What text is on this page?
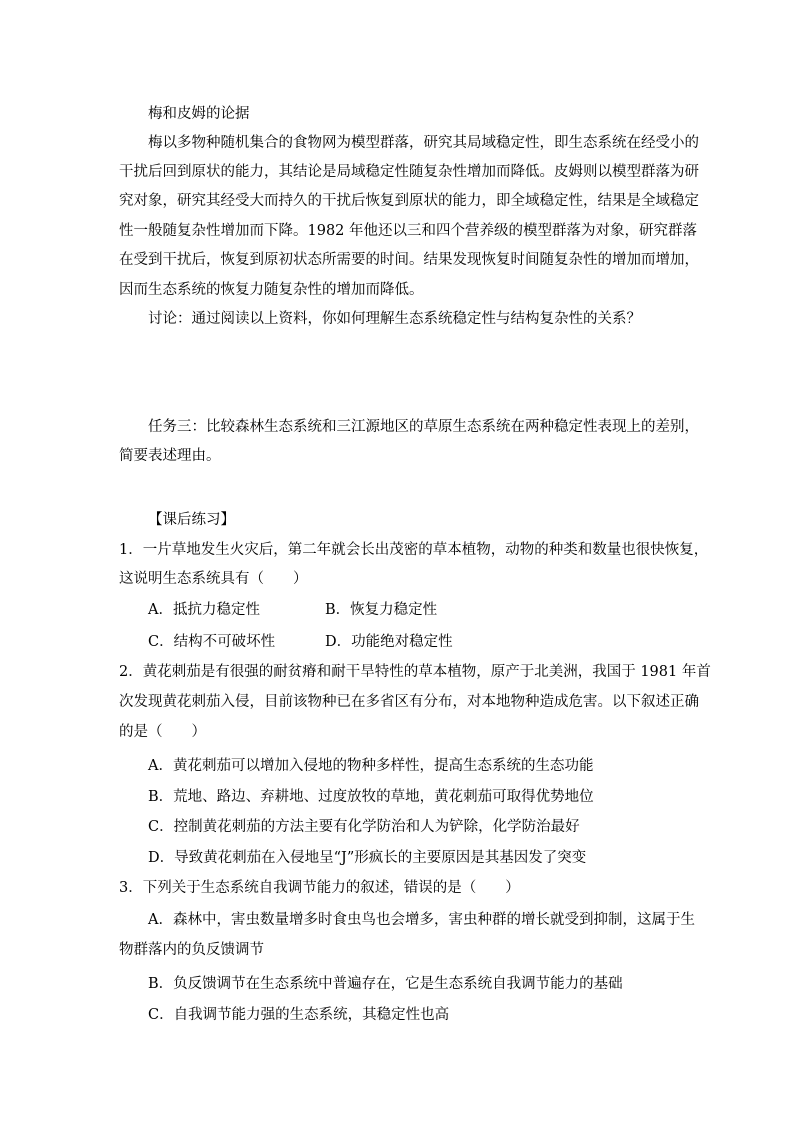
梅和皮姆的论据
梅以多物种随机集合的食物网为模型群落，研究其局域稳定性，即生态系统在经受小的
干扰后回到原状的能力，其结论是局域稳定性随复杂性增加而降低。皮姆则以模型群落为研
究对象，研究其经受大而持久的干扰后恢复到原状的能力，即全域稳定性，结果是全域稳定
性一般随复杂性增加而下降。1982 年他还以三和四个营养级的模型群落为对象，研究群落
在受到干扰后，恢复到原初状态所需要的时间。结果发现恢复时间随复杂性的增加而增加，
因而生态系统的恢复力随复杂性的增加而降低。
讨论：通过阅读以上资料，你如何理解生态系统稳定性与结构复杂性的关系？
任务三：比较森林生态系统和三江源地区的草原生态系统在两种稳定性表现上的差别，
简要表述理由。
【课后练习】
1．一片草地发生火灾后，第二年就会长出茂密的草本植物，动物的种类和数量也很快恢复，
这说明生态系统具有（　　）
A．抵抗力稳定性	B．恢复力稳定性
C．结构不可破坏性	D．功能绝对稳定性
2．黄花刺茄是有很强的耐贫瘠和耐干旱特性的草本植物，原产于北美洲，我国于 1981 年首
次发现黄花刺茄入侵，目前该物种已在多省区有分布，对本地物种造成危害。以下叙述正确
的是（　　）
A．黄花刺茄可以增加入侵地的物种多样性，提高生态系统的生态功能
B．荒地、路边、弃耕地、过度放牧的草地，黄花刺茄可取得优势地位
C．控制黄花刺茄的方法主要有化学防治和人为铲除，化学防治最好
D．导致黄花刺茄在入侵地呈“J”形疯长的主要原因是其基因发了突变
3．下列关于生态系统自我调节能力的叙述，错误的是（　　）
A．森林中，害虫数量增多时食虫鸟也会增多，害虫种群的增长就受到抑制，这属于生
物群落内的负反馈调节
B．负反馈调节在生态系统中普遍存在，它是生态系统自我调节能力的基础
C．自我调节能力强的生态系统，其稳定性也高
